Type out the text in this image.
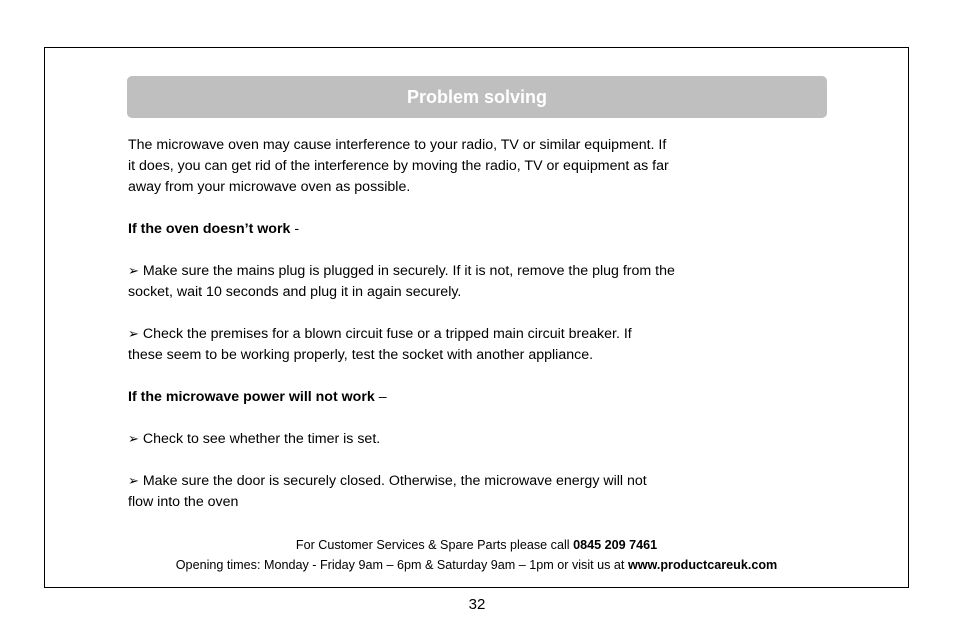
Problem solving

The microwave oven may cause interference to your radio, TV or similar equipment. If

it does, you can get rid of the interference by moving the radio, TV or equipment as far

away from your microwave oven as possible.

If the oven doesn’t work -

➢ Make sure the mains plug is plugged in securely. If it is not, remove the plug from the

socket, wait 10 seconds and plug it in again securely.

➢ Check the premises for a blown circuit fuse or a tripped main circuit breaker. If

these seem to be working properly, test the socket with another appliance.

If the microwave power will not work –

➢ Check to see whether the timer is set.

➢ Make sure the door is securely closed. Otherwise, the microwave energy will not

flow into the oven

For Customer Services & Spare Parts please call 0845 209 7461

Opening times: Monday - Friday 9am – 6pm & Saturday 9am – 1pm or visit us at www.productcareuk.com

32
